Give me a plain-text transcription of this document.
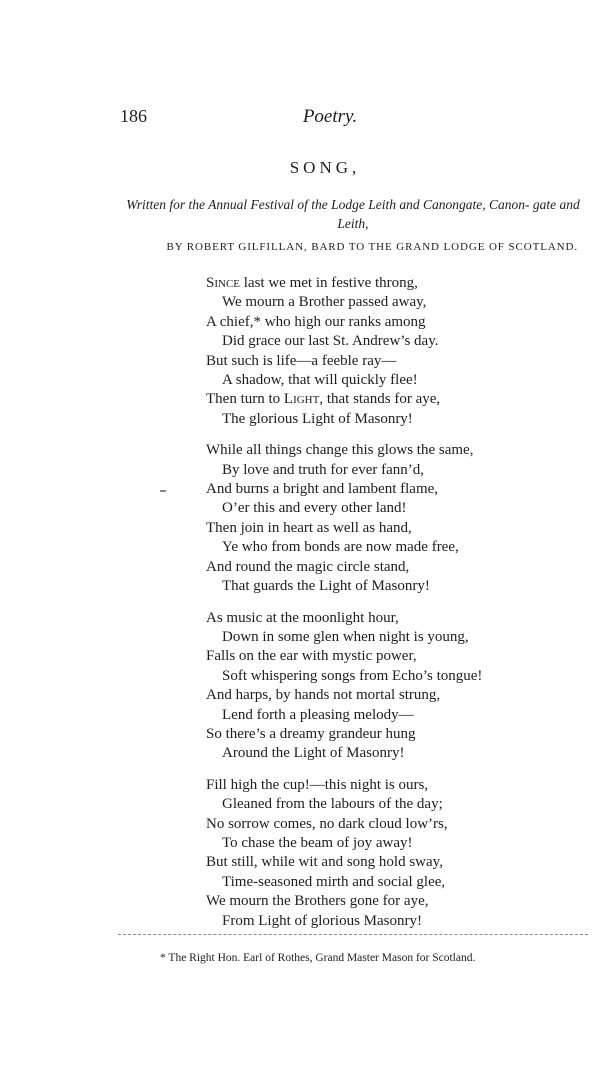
186	Poetry.
SONG,
Written for the Annual Festival of the Lodge Leith and Canongate, Canon- gate and Leith,
BY ROBERT GILFILLAN, BARD TO THE GRAND LODGE OF SCOTLAND.
Since last we met in festive throng,
We mourn a Brother passed away,
A chief,* who high our ranks among
Did grace our last St. Andrew’s day.
But such is life—a feeble ray—
A shadow, that will quickly flee!
Then turn to Light, that stands for aye,
The glorious Light of Masonry!
While all things change this glows the same,
By love and truth for ever fann’d,
And burns a bright and lambent flame,
O’er this and every other land!
Then join in heart as well as hand,
Ye who from bonds are now made free,
And round the magic circle stand,
That guards the Light of Masonry!
As music at the moonlight hour,
Down in some glen when night is young,
Falls on the ear with mystic power,
Soft whispering songs from Echo’s tongue!
And harps, by hands not mortal strung,
Lend forth a pleasing melody—
So there’s a dreamy grandeur hung
Around the Light of Masonry!
Fill high the cup!—this night is ours,
Gleaned from the labours of the day;
No sorrow comes, no dark cloud low’rs,
To chase the beam of joy away!
But still, while wit and song hold sway,
Time-seasoned mirth and social glee,
We mourn the Brothers gone for aye,
From Light of glorious Masonry!
* The Right Hon. Earl of Rothes, Grand Master Mason for Scotland.
